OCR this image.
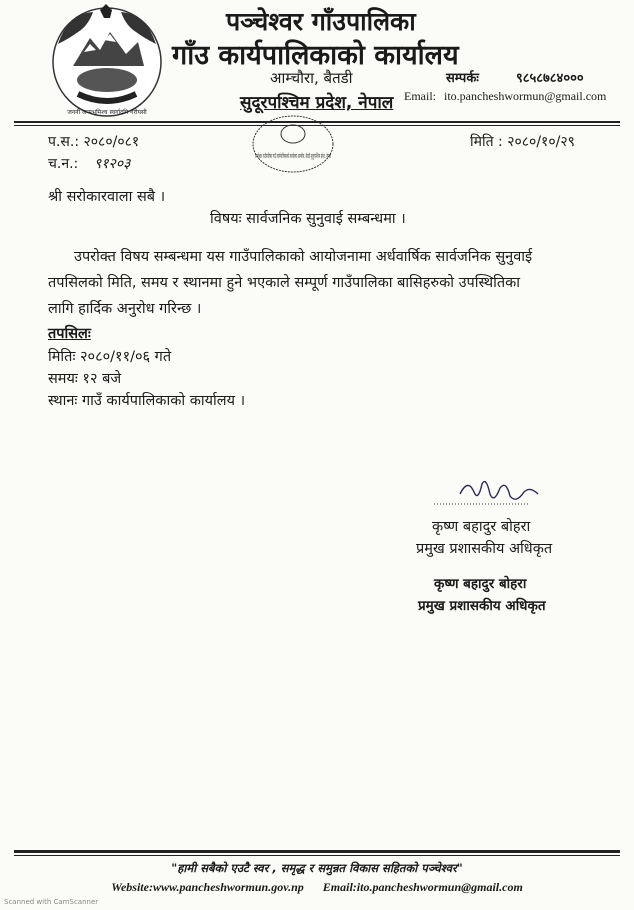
जननी जन्मभूमिश्च स्वर्गादपि गरीयसी
पञ्चेश्वर गाँउपालिका
गाँउ कार्यपालिकाको कार्यालय
आम्चौरा, बैतडी
सुदूरपश्चिम प्रदेश, नेपाल
सम्पर्कः	९८५८७८४०००
Email: ito.pancheshwormun@gmail.com
प.स.: २०८०/०८१
च.न.: ९१२०३
मिति : २०८०/१०/२९
पञ्चेश्वर गाउँपालिका गाउँ कार्यपालिकाको कार्यालय आम्चौरा, बैतडी सुदूरपश्चिम प्रदेश, नेपाल
श्री सरोकारवाला सबै ।
विषयः सार्वजनिक सुनुवाई सम्बन्धमा ।
उपरोक्त विषय सम्बन्धमा यस गाउँपालिकाको आयोजनामा अर्धवार्षिक सार्वजनिक सुनुवाई
तपसिलको मिति, समय र स्थानमा हुने भएकाले सम्पूर्ण गाउँपालिका बासिहरुको उपस्थितिका
लागि हार्दिक अनुरोध गरिन्छ ।
तपसिलः
मितिः २०८०/११/०६ गते
समयः १२ बजे
स्थानः गाउँ कार्यपालिकाको कार्यालय ।
कृष्ण बहादुर बोहरा
प्रमुख प्रशासकीय अधिकृत
कृष्ण बहादुर बोहरा
प्रमुख प्रशासकीय अधिकृत
"हामी सबैको एउटै स्वर , समृद्ध र समुन्नत विकास सहितको पञ्चेश्वर"
Website:www.pancheshwormun.gov.np Email:ito.pancheshwormun@gmail.com
Scanned with CamScanner
